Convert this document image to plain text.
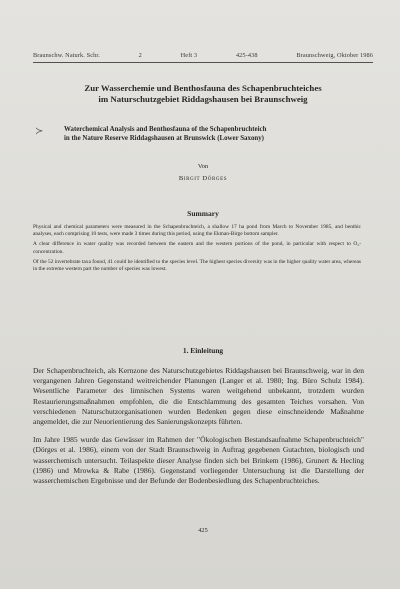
Braunschw. Naturk. Schr.	2	Heft 3	425-438	Braunschweig, Oktober 1986
Zur Wasserchemie und Benthosfauna des Schapenbruchteiches
im Naturschutzgebiet Riddagshausen bei Braunschweig
≻	Waterchemical Analysis and Benthosfauna of the Schapenbruchteich
in the Nature Reserve Riddagshausen at Brunswick (Lower Saxony)
Von
Birgit Dörges
Summary

Physical and chemical parameters were measured in the Schapenbruchteich, a shallow 17 ha pond from March to November 1985, and benthic analyses, each comprising 10 tests, were made 3 times during this period, using the Ekman-Birge bottom sampler.

A clear difference in water quality was recorded between the eastern and the western portions of the pond, in particular with respect to O₂-concentration.

Of the 52 invertebrate taxa found, 41 could be identified to the species level. The highest species diversity was in the higher quality water area, whereas in the extreme western part the number of species was lowest.

1. Einleitung

Der Schapenbruchteich, als Kernzone des Naturschutzgebietes Riddagshausen bei Braunschweig, war in den vergangenen Jahren Gegenstand weitreichender Planungen (Langer et al. 1980; Ing. Büro Schulz 1984). Wesentliche Parameter des limnischen Systems waren weitgehend unbekannt, trotzdem wurden Restaurierungsmaßnahmen empfohlen, die die Entschlammung des gesamten Teiches vorsahen. Von verschiedenen Naturschutzorganisationen wurden Bedenken gegen diese einschneidende Maßnahme angemeldet, die zur Neuorientierung des Sanierungskonzepts führten.

Im Jahre 1985 wurde das Gewässer im Rahmen der "Ökologischen Bestandsaufnahme Schapenbruchteich" (Dörges et al. 1986), einem von der Stadt Braunschweig in Auftrag gegebenen Gutachten, biologisch und wasserchemisch untersucht. Teilaspekte dieser Analyse finden sich bei Brinkem (1986), Grunert & Hecling (1986) und Mrowka & Rabe (1986). Gegenstand vorliegender Untersuchung ist die Darstellung der wasserchemischen Ergebnisse und der Befunde der Bodenbesiedlung des Schapenbruchteiches.

425
